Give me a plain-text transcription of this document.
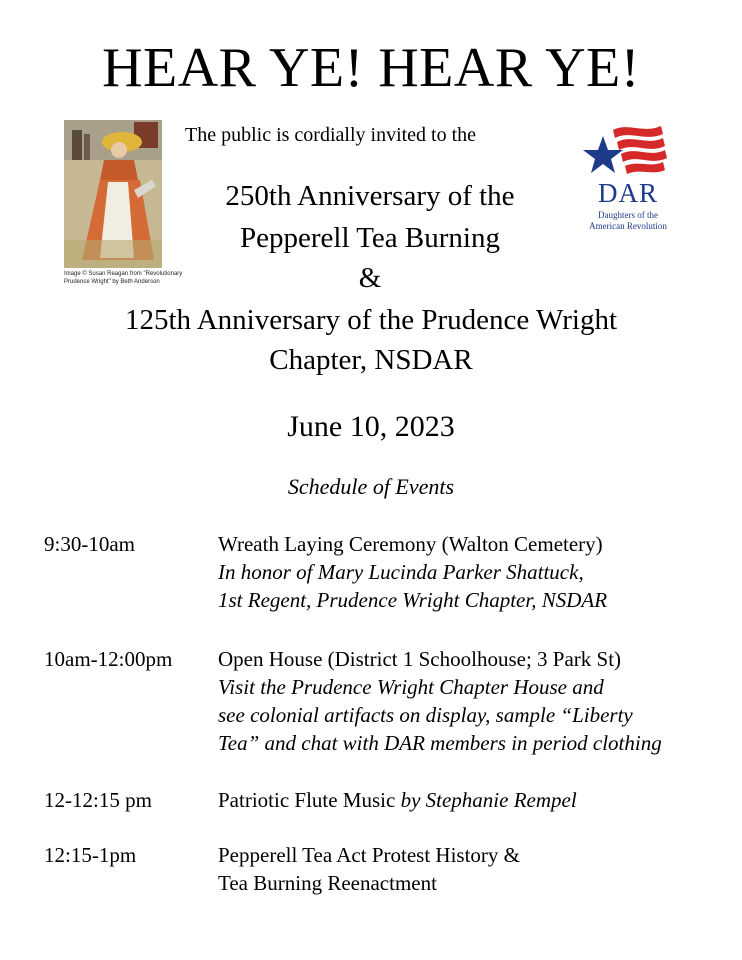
HEAR YE! HEAR YE!
Image © Susan Reagan from "Revolutionary
Prudence Wright" by Beth Anderson
The public is cordially invited to the
DAR
Daughters of the
American Revolution
250th Anniversary of the
Pepperell Tea Burning
&
125th Anniversary of the Prudence Wright
Chapter, NSDAR
June 10, 2023
Schedule of Events
9:30-10am	Wreath Laying Ceremony (Walton Cemetery)
In honor of Mary Lucinda Parker Shattuck,
1st Regent, Prudence Wright Chapter, NSDAR
10am-12:00pm Open House (District 1 Schoolhouse; 3 Park St)
Visit the Prudence Wright Chapter House and
see colonial artifacts on display, sample “Liberty
Tea” and chat with DAR members in period clothing
12-12:15 pm	Patriotic Flute Music by Stephanie Rempel
12:15-1pm	Pepperell Tea Act Protest History &
Tea Burning Reenactment
